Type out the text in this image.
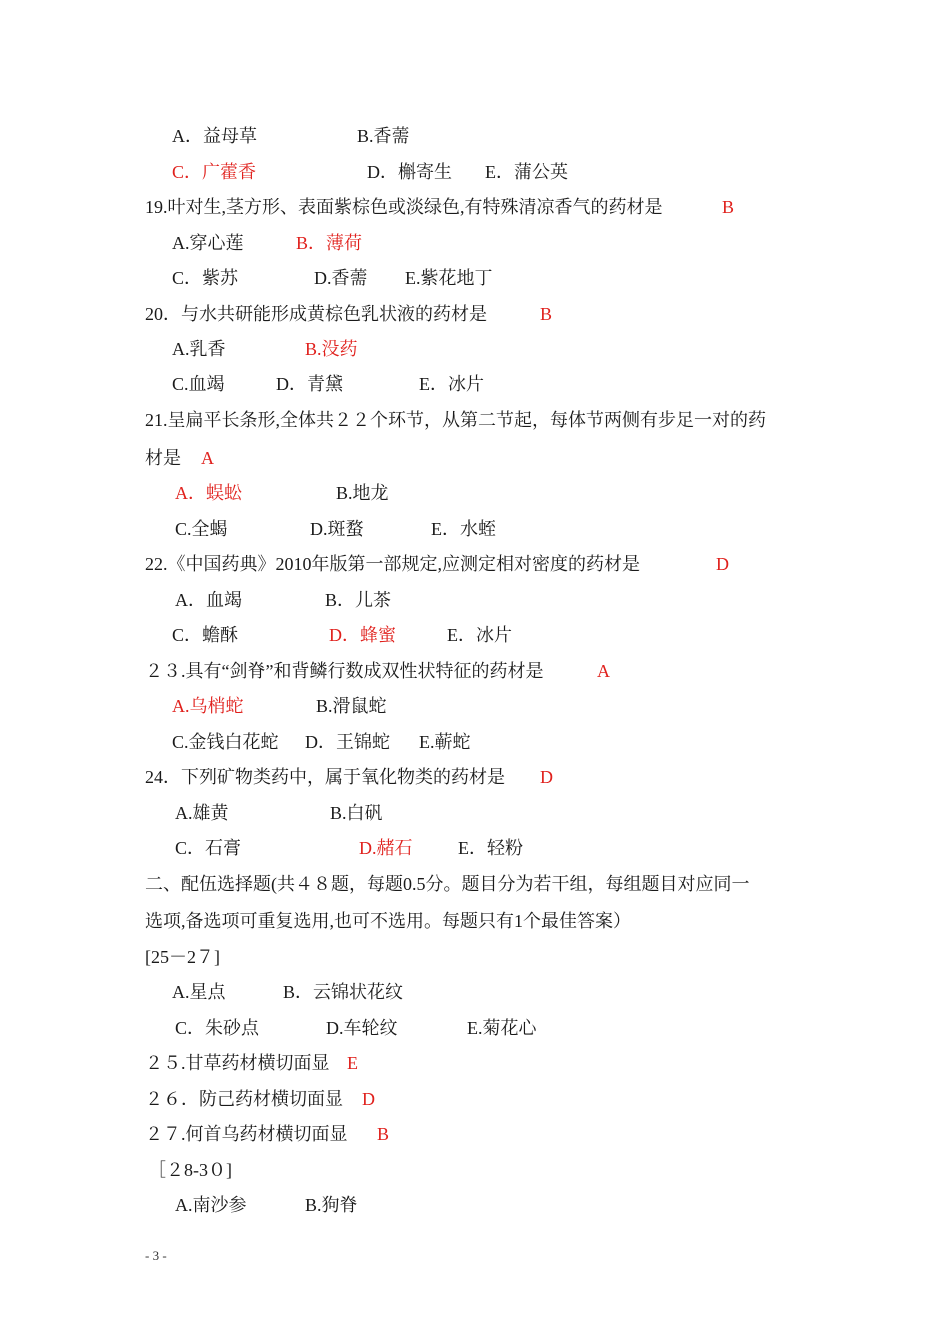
A．益母草	B.香薷
C．广藿香	D．槲寄生 E．蒲公英
19.叶对生,茎方形、表面紫棕色或淡绿色,有特殊清凉香气的药材是	B
A.穿心莲	B．薄荷
C．紫苏	D.香薷 E.紫花地丁
20．与水共研能形成黄棕色乳状液的药材是	B
A.乳香	B.没药
C.血竭	D．青黛	E．冰片
21.呈扁平长条形,全体共２２个环节，从第二节起，每体节两侧有步足一对的药
材是 A
A．蜈蚣	B.地龙
C.全蝎	D.斑蝥	E．水蛭
22.《中国药典》2010年版第一部规定,应测定相对密度的药材是	D
A．血竭	B．儿茶
C．蟾酥	D．蜂蜜	E．冰片
２３.具有“剑脊”和背鳞行数成双性状特征的药材是	A
A.乌梢蛇	B.滑鼠蛇
C.金钱白花蛇 D．王锦蛇 E.蕲蛇
24．下列矿物类药中，属于氧化物类的药材是 D
A.雄黄	B.白矾
C．石膏	D.赭石	E．轻粉
二、配伍选择题(共４８题，每题0.5分。题目分为若干组，每组题目对应同一
选项,备选项可重复选用,也可不选用。每题只有1个最佳答案）
[25－2７]
A.星点	B．云锦状花纹
C．朱砂点	D.车轮纹	E.菊花心
２５.甘草药材横切面显 E
２６．防己药材横切面显 D
２７.何首乌药材横切面显 B
［２8-3０]
A.南沙参	B.狗脊
- 3 -
